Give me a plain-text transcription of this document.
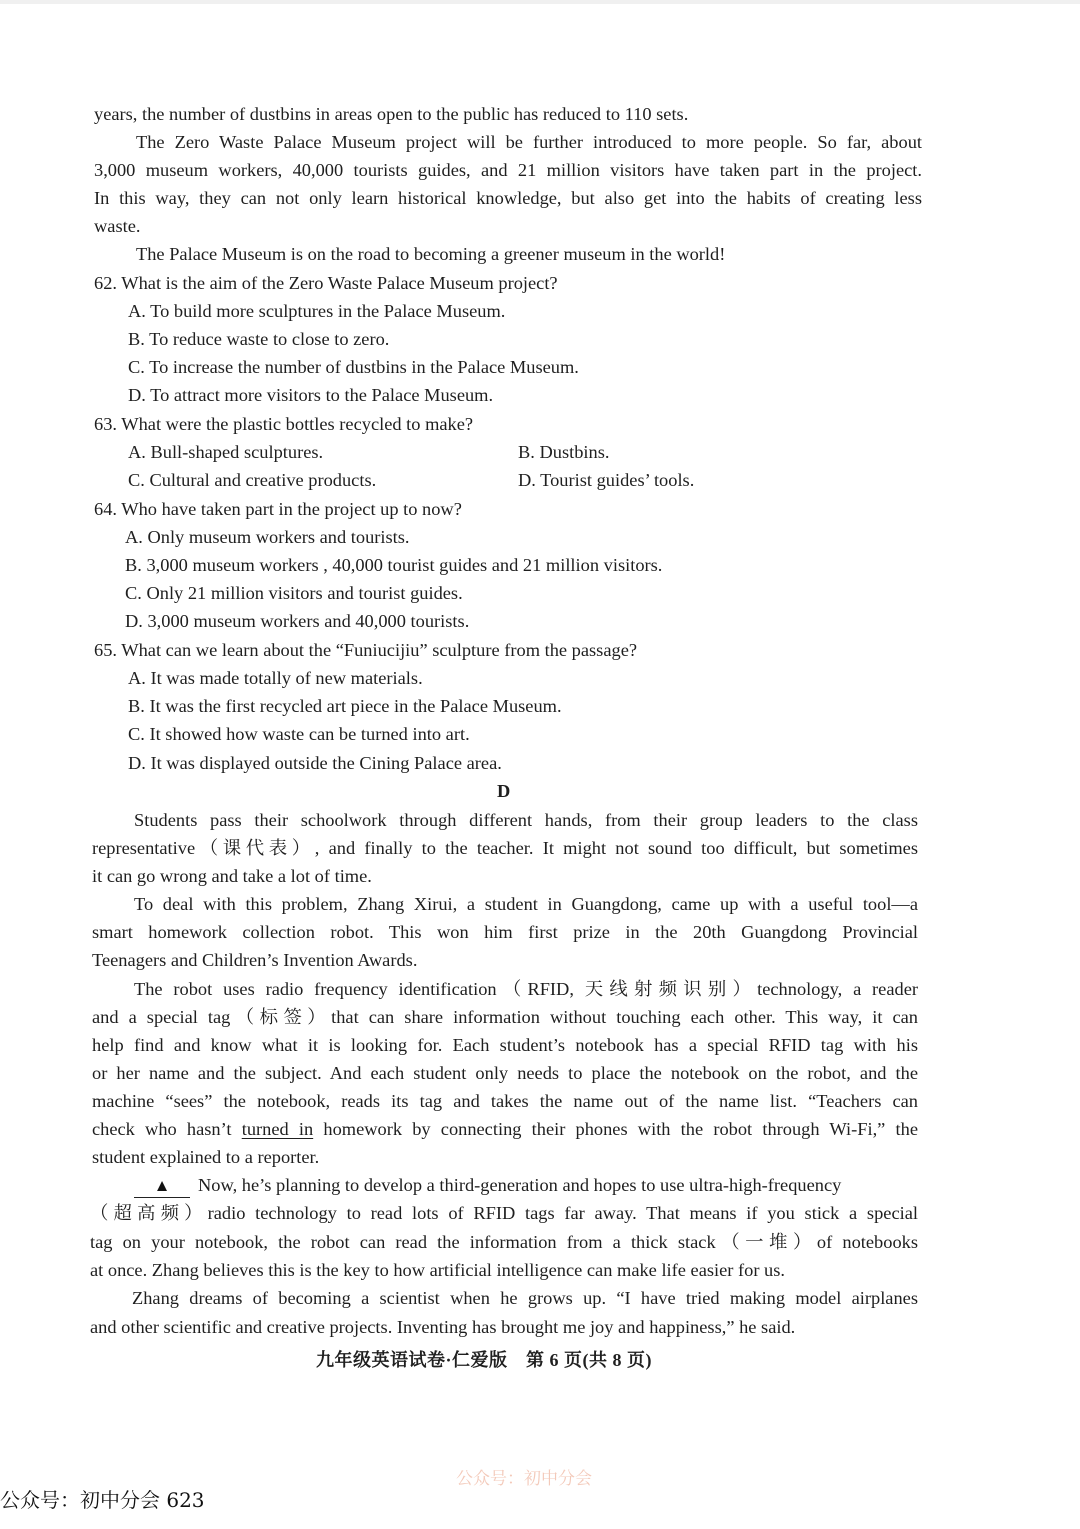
years, the number of dustbins in areas open to the public has reduced to 110 sets.

The Zero Waste Palace Museum project will be further introduced to more people. So far, about

3,000 museum workers, 40,000 tourists guides, and 21 million visitors have taken part in the project.

In this way, they can not only learn historical knowledge, but also get into the habits of creating less

waste.

The Palace Museum is on the road to becoming a greener museum in the world!

62. What is the aim of the Zero Waste Palace Museum project?

A. To build more sculptures in the Palace Museum.
B. To reduce waste to close to zero.
C. To increase the number of dustbins in the Palace Museum.
D. To attract more visitors to the Palace Museum.

63. What were the plastic bottles recycled to make?

A. Bull-shaped sculptures.	B. Dustbins.
C. Cultural and creative products.	D. Tourist guides’ tools.

64. Who have taken part in the project up to now?

A. Only museum workers and tourists.
B. 3,000 museum workers , 40,000 tourist guides and 21 million visitors.
C. Only 21 million visitors and tourist guides.
D. 3,000 museum workers and 40,000 tourists.

65. What can we learn about the “Funiucijiu” sculpture from the passage?

A. It was made totally of new materials.
B. It was the first recycled art piece in the Palace Museum.
C. It showed how waste can be turned into art.
D. It was displayed outside the Cining Palace area.
D

Students pass their schoolwork through different hands, from their group leaders to the class

representative（课代表）, and finally to the teacher. It might not sound too difficult, but sometimes

it can go wrong and take a lot of time.

To deal with this problem, Zhang Xirui, a student in Guangdong, came up with a useful tool—a

smart homework collection robot. This won him first prize in the 20th Guangdong Provincial

Teenagers and Children’s Invention Awards.

The robot uses radio frequency identification（RFID, 天线射频识别）technology, a reader

and a special tag（标签）that can share information without touching each other. This way, it can

help find and know what it is looking for. Each student’s notebook has a special RFID tag with his

or her name and the subject. And each student only needs to place the notebook on the robot, and the

machine “sees” the notebook, reads its tag and takes the name out of the name list. “Teachers can

check who hasn’t turned in homework by connecting their phones with the robot through Wi-Fi,” the

student explained to a reporter.

▲ Now, he’s planning to develop a third-generation and hopes to use ultra-high-frequency

（超高频）radio technology to read lots of RFID tags far away. That means if you stick a special

tag on your notebook, the robot can read the information from a thick stack（一堆）of notebooks

at once. Zhang believes this is the key to how artificial intelligence can make life easier for us.

Zhang dreams of becoming a scientist when he grows up. “I have tried making model airplanes

and other scientific and creative projects. Inventing has brought me joy and happiness,” he said.

九年级英语试卷·仁爱版　第 6 页(共 8 页)
公众号：初中分会
公众号：初中分会 623
